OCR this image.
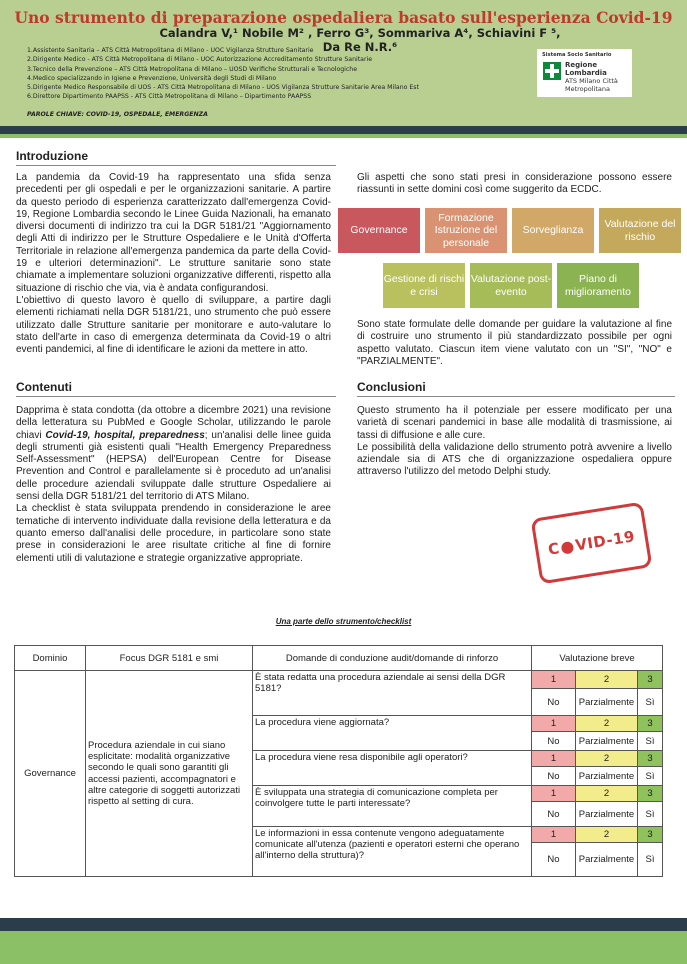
Uno strumento di preparazione ospedaliera basato sull'esperienza Covid-19
Calandra V,¹ Nobile M² , Ferro G³, Sommariva A⁴, Schiavini F ⁵, Da Re N.R.⁶
1.Assistente Sanitaria – ATS Città Metropolitana di Milano - UOC Vigilanza Strutture Sanitarie
2.Dirigente Medico - ATS Città Metropolitana di Milano - UOC Autorizzazione Accreditamento Strutture Sanitarie
3.Tecnico della Prevenzione – ATS Città Metropolitana di Milano – UOSD Verifiche Strutturali e Tecnologiche
4.Medico specializzando in Igiene e Prevenzione, Università degli Studi di Milano
5.Dirigente Medico Responsabile di UOS - ATS Città Metropolitana di Milano - UOS Vigilanza Strutture Sanitarie Area Milano Est
6.Direttore Dipartimento PAAPSS - ATS Città Metropolitana di Milano – Dipartimento PAAPSS
PAROLE CHIAVE: COVID-19, OSPEDALE, EMERGENZA
Sistema Socio Sanitario
Regione Lombardia
ATS Milano Città Metropolitana
Introduzione

La pandemia da Covid-19 ha rappresentato una sfida senza precedenti per gli ospedali e per le organizzazioni sanitarie. A partire da questo periodo di esperienza caratterizzato dall'emergenza Covid-19, Regione Lombardia secondo le Linee Guida Nazionali, ha emanato diversi documenti di indirizzo tra cui la DGR 5181/21 "Aggiornamento degli Atti di indirizzo per le Strutture Ospedaliere e le Unità d'Offerta Territoriale in relazione all'emergenza pandemica da parte della Covid-19 e ulteriori determinazioni". Le strutture sanitarie sono state chiamate a implementare soluzioni organizzative differenti, rispetto alla situazione di rischio che via, via è andata configurandosi.

L'obiettivo di questo lavoro è quello di sviluppare, a partire dagli elementi richiamati nella DGR 5181/21, uno strumento che può essere utilizzato dalle Strutture sanitarie per monitorare e auto-valutare lo stato dell'arte in caso di emergenza determinata da Covid-19 o altri eventi pandemici, al fine di identificare le azioni da mettere in atto.

Gli aspetti che sono stati presi in considerazione possono essere riassunti in sette domini così come suggerito da ECDC.
Governance
Formazione Istruzione del personale
Sorveglianza
Valutazione del rischio
Gestione di rischi e crisi
Valutazione post-evento
Piano di miglioramento
Sono state formulate delle domande per guidare la valutazione al fine di costruire uno strumento il più standardizzato possibile per ogni aspetto valutato. Ciascun item viene valutato con un "SI", "NO" e "PARZIALMENTE".
Contenuti

Dapprima è stata condotta (da ottobre a dicembre 2021) una revisione della letteratura su PubMed e Google Scholar, utilizzando le parole chiavi Covid-19, hospital, preparedness; un'analisi delle linee guida degli strumenti già esistenti quali "Health Emergency Preparedness Self-Assessment" (HEPSA) dell'European Centre for Disease Prevention and Control e parallelamente si è proceduto ad un'analisi delle procedure aziendali sviluppate dalle strutture Ospedaliere ai sensi della DGR 5181/21 del territorio di ATS Milano.

La checklist è stata sviluppata prendendo in considerazione le aree tematiche di intervento individuate dalla revisione della letteratura e da quanto emerso dall'analisi delle procedure, in particolare sono state prese in considerazioni le aree risultate critiche al fine di fornire elementi utili di valutazione e strategie organizzative appropriate.

Conclusioni

Questo strumento ha il potenziale per essere modificato per una varietà di scenari pandemici in base alle modalità di trasmissione, ai tassi di diffusione e alle cure.

Le possibilità della validazione dello strumento potrà avvenire a livello aziendale sia di ATS che di organizzazione ospedaliera oppure attraverso l'utilizzo del metodo Delphi study.

C VID-19
Una parte dello strumento/checklist
Dominio	Focus DGR 5181 e smi	Domande di conduzione audit/domande di rinforzo	Valutazione breve		
Governance	Procedura aziendale in cui siano esplicitate: modalità organizzative secondo le quali sono garantiti gli accessi pazienti, accompagnatori e altre categorie di soggetti autorizzati rispetto al setting di cura.	È stata redatta una procedura aziendale ai sensi della DGR 5181?	1	2	3
			No	Parzialmente	Sì
		La procedura viene aggiornata?	1	2	3
			No	Parzialmente	Sì
		La procedura viene resa disponibile agli operatori?	1	2	3
			No	Parzialmente	Sì
		È sviluppata una strategia di comunicazione completa per coinvolgere tutte le parti interessate?	1	2	3
			No	Parzialmente	Sì
		Le informazioni in essa contenute vengono adeguatamente comunicate all'utenza (pazienti e operatori esterni che operano all'interno della struttura)?	1	2	3
			No	Parzialmente	Sì
